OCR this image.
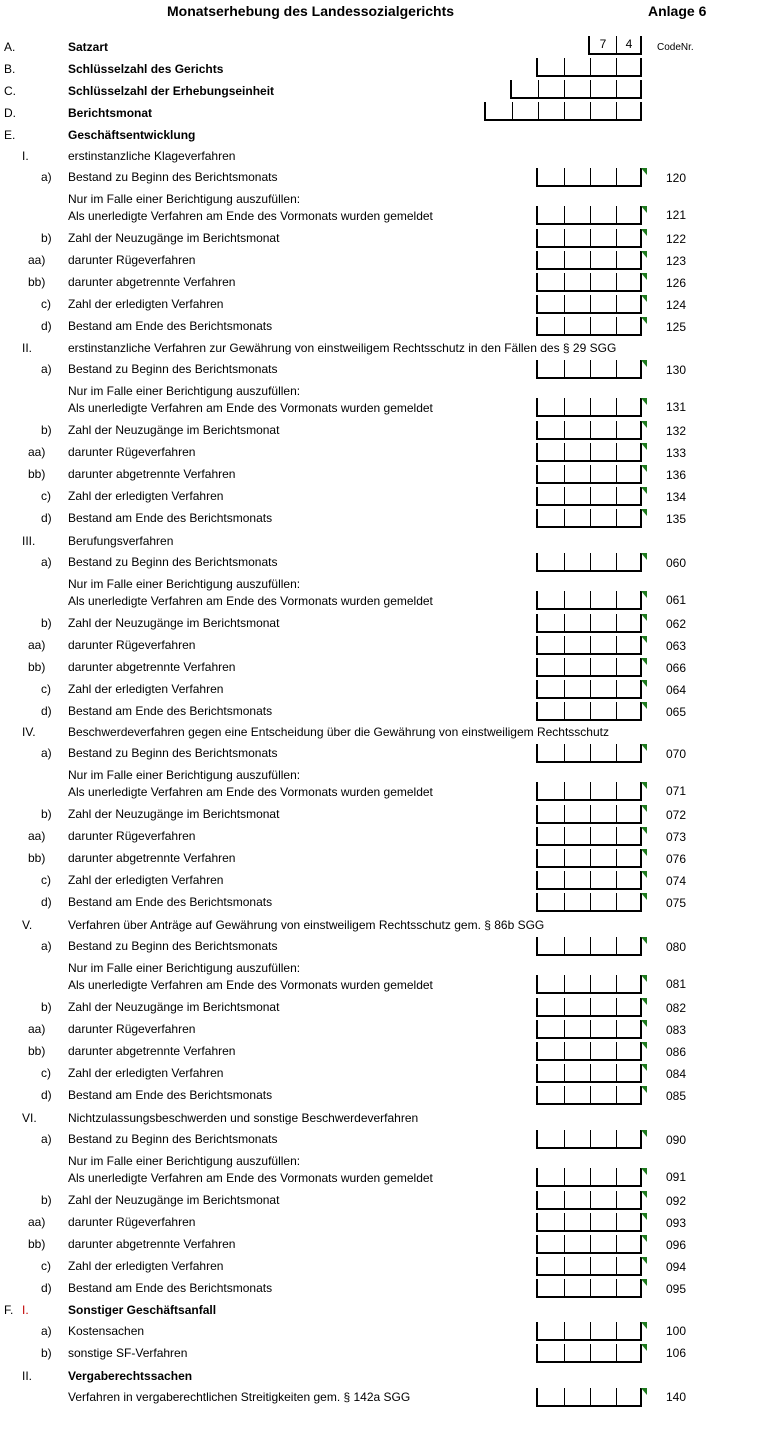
Monatserhebung des Landessozialgerichts	Anlage 6
A.	Satzart	7	4	CodeNr.
B.	Schlüsselzahl des Gerichts
C.	Schlüsselzahl der Erhebungseinheit
D.	Berichtsmonat
E.	Geschäftsentwicklung
I.	erstinstanzliche Klageverfahren
a) Bestand zu Beginn des Berichtsmonats	120
Nur im Falle einer Berichtigung auszufüllen:
Als unerledigte Verfahren am Ende des Vormonats wurden gemeldet	121
b) Zahl der Neuzugänge im Berichtsmonat	122
aa) darunter Rügeverfahren	123
bb) darunter abgetrennte Verfahren	126
c) Zahl der erledigten Verfahren	124
d) Bestand am Ende des Berichtsmonats	125
II.	erstinstanzliche Verfahren zur Gewährung von einstweiligem Rechtsschutz in den Fällen des § 29 SGG
a) Bestand zu Beginn des Berichtsmonats	130
Nur im Falle einer Berichtigung auszufüllen:
Als unerledigte Verfahren am Ende des Vormonats wurden gemeldet	131
b) Zahl der Neuzugänge im Berichtsmonat	132
aa) darunter Rügeverfahren	133
bb) darunter abgetrennte Verfahren	136
c) Zahl der erledigten Verfahren	134
d) Bestand am Ende des Berichtsmonats	135
III.	Berufungsverfahren
a) Bestand zu Beginn des Berichtsmonats	060
Nur im Falle einer Berichtigung auszufüllen:
Als unerledigte Verfahren am Ende des Vormonats wurden gemeldet	061
b) Zahl der Neuzugänge im Berichtsmonat	062
aa) darunter Rügeverfahren	063
bb) darunter abgetrennte Verfahren	066
c) Zahl der erledigten Verfahren	064
d) Bestand am Ende des Berichtsmonats	065
IV.	Beschwerdeverfahren gegen eine Entscheidung über die Gewährung von einstweiligem Rechtsschutz
a) Bestand zu Beginn des Berichtsmonats	070
Nur im Falle einer Berichtigung auszufüllen:
Als unerledigte Verfahren am Ende des Vormonats wurden gemeldet	071
b) Zahl der Neuzugänge im Berichtsmonat	072
aa) darunter Rügeverfahren	073
bb) darunter abgetrennte Verfahren	076
c) Zahl der erledigten Verfahren	074
d) Bestand am Ende des Berichtsmonats	075
V.	Verfahren über Anträge auf Gewährung von einstweiligem Rechtsschutz gem. § 86b SGG
a) Bestand zu Beginn des Berichtsmonats	080
Nur im Falle einer Berichtigung auszufüllen:
Als unerledigte Verfahren am Ende des Vormonats wurden gemeldet	081
b) Zahl der Neuzugänge im Berichtsmonat	082
aa) darunter Rügeverfahren	083
bb) darunter abgetrennte Verfahren	086
c) Zahl der erledigten Verfahren	084
d) Bestand am Ende des Berichtsmonats	085
VI.	Nichtzulassungsbeschwerden und sonstige Beschwerdeverfahren
a) Bestand zu Beginn des Berichtsmonats	090
Nur im Falle einer Berichtigung auszufüllen:
Als unerledigte Verfahren am Ende des Vormonats wurden gemeldet	091
b) Zahl der Neuzugänge im Berichtsmonat	092
aa) darunter Rügeverfahren	093
bb) darunter abgetrennte Verfahren	096
c) Zahl der erledigten Verfahren	094
d) Bestand am Ende des Berichtsmonats	095
F. I.	Sonstiger Geschäftsanfall
a) Kostensachen	100
b) sonstige SF-Verfahren	106
II.	Vergaberechtssachen
Verfahren in vergaberechtlichen Streitigkeiten gem. § 142a SGG	140
